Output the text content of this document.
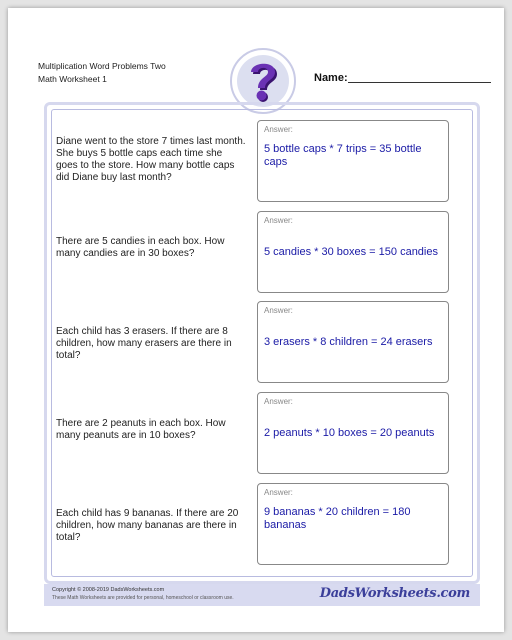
Multiplication Word Problems Two
Math Worksheet 1	Name:
Diane went to the store 7 times last month. She buys 5 bottle caps each time she goes to the store. How many bottle caps did Diane buy last month?
Answer:
5 bottle caps * 7 trips = 35 bottle caps
There are 5 candies in each box. How many candies are in 30 boxes?
Answer:
5 candies * 30 boxes = 150 candies
Each child has 3 erasers. If there are 8 children, how many erasers are there in total?
Answer:
3 erasers * 8 children = 24 erasers
There are 2 peanuts in each box. How many peanuts are in 10 boxes?
Answer:
2 peanuts * 10 boxes = 20 peanuts
Each child has 9 bananas. If there are 20 children, how many bananas are there in total?
Answer:
9 bananas * 20 children = 180 bananas
Copyright © 2008-2019 DadsWorksheets.com
These Math Worksheets are provided for personal, homeschool or classroom use.	DadsWorksheets.com
